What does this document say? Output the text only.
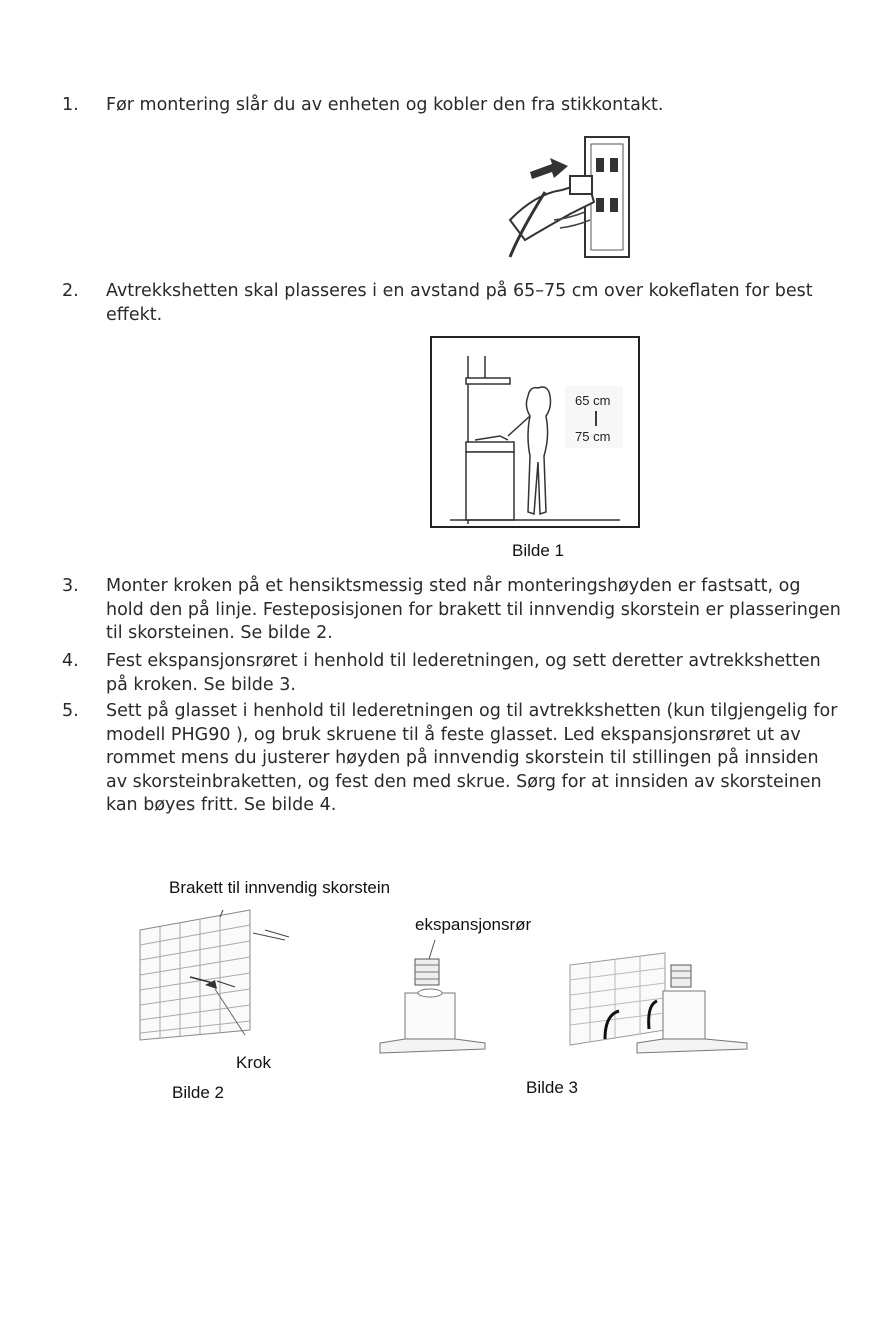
1.	Før montering slår du av enheten og kobler den fra stikkontakt.
2.	Avtrekkshetten skal plasseres i en avstand på 65–75 cm over kokeflaten for best effekt.
65 cm
75 cm
Bilde 1
3.	Monter kroken på et hensiktsmessig sted når monteringshøyden er fastsatt, og hold den på linje. Festeposisjonen for brakett til innvendig skorstein er plasseringen til skorsteinen. Se bilde 2.
4.	Fest ekspansjonsrøret i henhold til lederetningen, og sett deretter avtrekkshetten på kroken. Se bilde 3.
5.	Sett på glasset i henhold til lederetningen og til avtrekkshetten (kun tilgjengelig for modell PHG90 ), og bruk skruene til å feste glasset. Led ekspansjonsrøret ut av rommet mens du justerer høyden på innvendig skorstein til stillingen på innsiden av skorsteinbraketten, og fest den med skrue. Sørg for at innsiden av skorsteinen kan bøyes fritt. Se bilde 4.
Brakett til innvendig skorstein
Krok
Bilde 2
ekspansjonsrør
Bilde 3
